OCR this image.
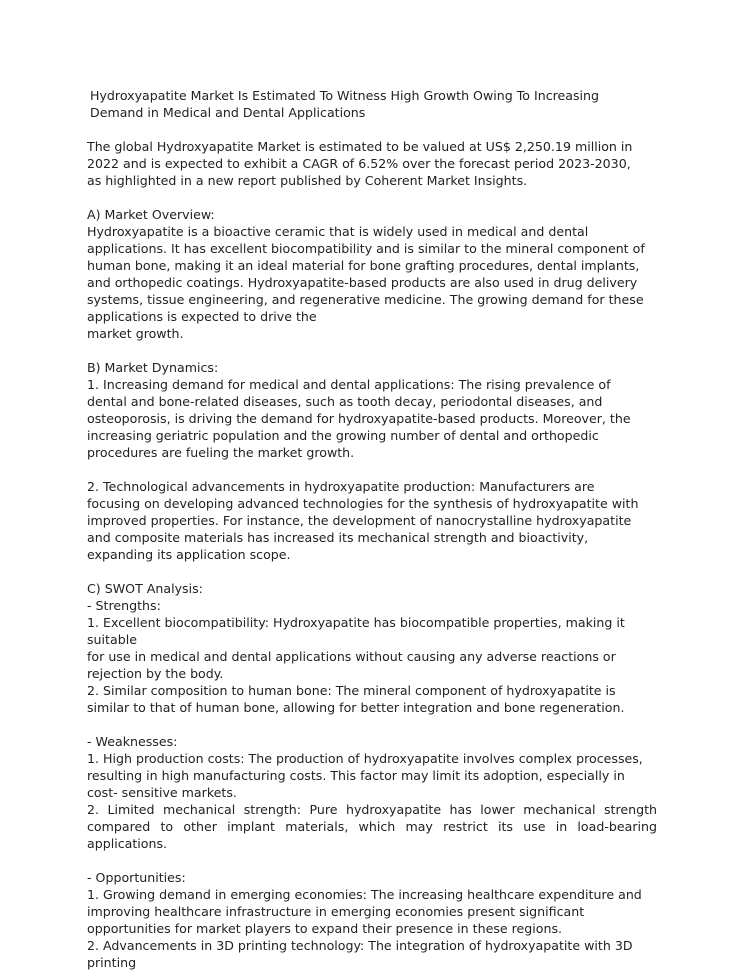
Hydroxyapatite Market Is Estimated To Witness High Growth Owing To Increasing
Demand in Medical and Dental Applications
The global Hydroxyapatite Market is estimated to be valued at US$ 2,250.19 million in
2022 and is expected to exhibit a CAGR of 6.52% over the forecast period 2023-2030,
as highlighted in a new report published by Coherent Market Insights.
A) Market Overview:
Hydroxyapatite is a bioactive ceramic that is widely used in medical and dental
applications. It has excellent biocompatibility and is similar to the mineral component of
human bone, making it an ideal material for bone grafting procedures, dental implants,
and orthopedic coatings. Hydroxyapatite-based products are also used in drug delivery
systems, tissue engineering, and regenerative medicine. The growing demand for these
applications is expected to drive the
market growth.
B) Market Dynamics:
1. Increasing demand for medical and dental applications: The rising prevalence of
dental and bone-related diseases, such as tooth decay, periodontal diseases, and
osteoporosis, is driving the demand for hydroxyapatite-based products. Moreover, the
increasing geriatric population and the growing number of dental and orthopedic
procedures are fueling the market growth.
2. Technological advancements in hydroxyapatite production: Manufacturers are
focusing on developing advanced technologies for the synthesis of hydroxyapatite with
improved properties. For instance, the development of nanocrystalline hydroxyapatite
and composite materials has increased its mechanical strength and bioactivity,
expanding its application scope.
C) SWOT Analysis:
- Strengths:
1. Excellent biocompatibility: Hydroxyapatite has biocompatible properties, making it
suitable
for use in medical and dental applications without causing any adverse reactions or
rejection by the body.
2. Similar composition to human bone: The mineral component of hydroxyapatite is
similar to that of human bone, allowing for better integration and bone regeneration.
- Weaknesses:
1. High production costs: The production of hydroxyapatite involves complex processes,
resulting in high manufacturing costs. This factor may limit its adoption, especially in
cost- sensitive markets.
2. Limited mechanical strength: Pure hydroxyapatite has lower mechanical strength
compared to other implant materials, which may restrict its use in load-bearing
applications.
- Opportunities:
1. Growing demand in emerging economies: The increasing healthcare expenditure and
improving healthcare infrastructure in emerging economies present significant
opportunities for market players to expand their presence in these regions.
2. Advancements in 3D printing technology: The integration of hydroxyapatite with 3D
printing
